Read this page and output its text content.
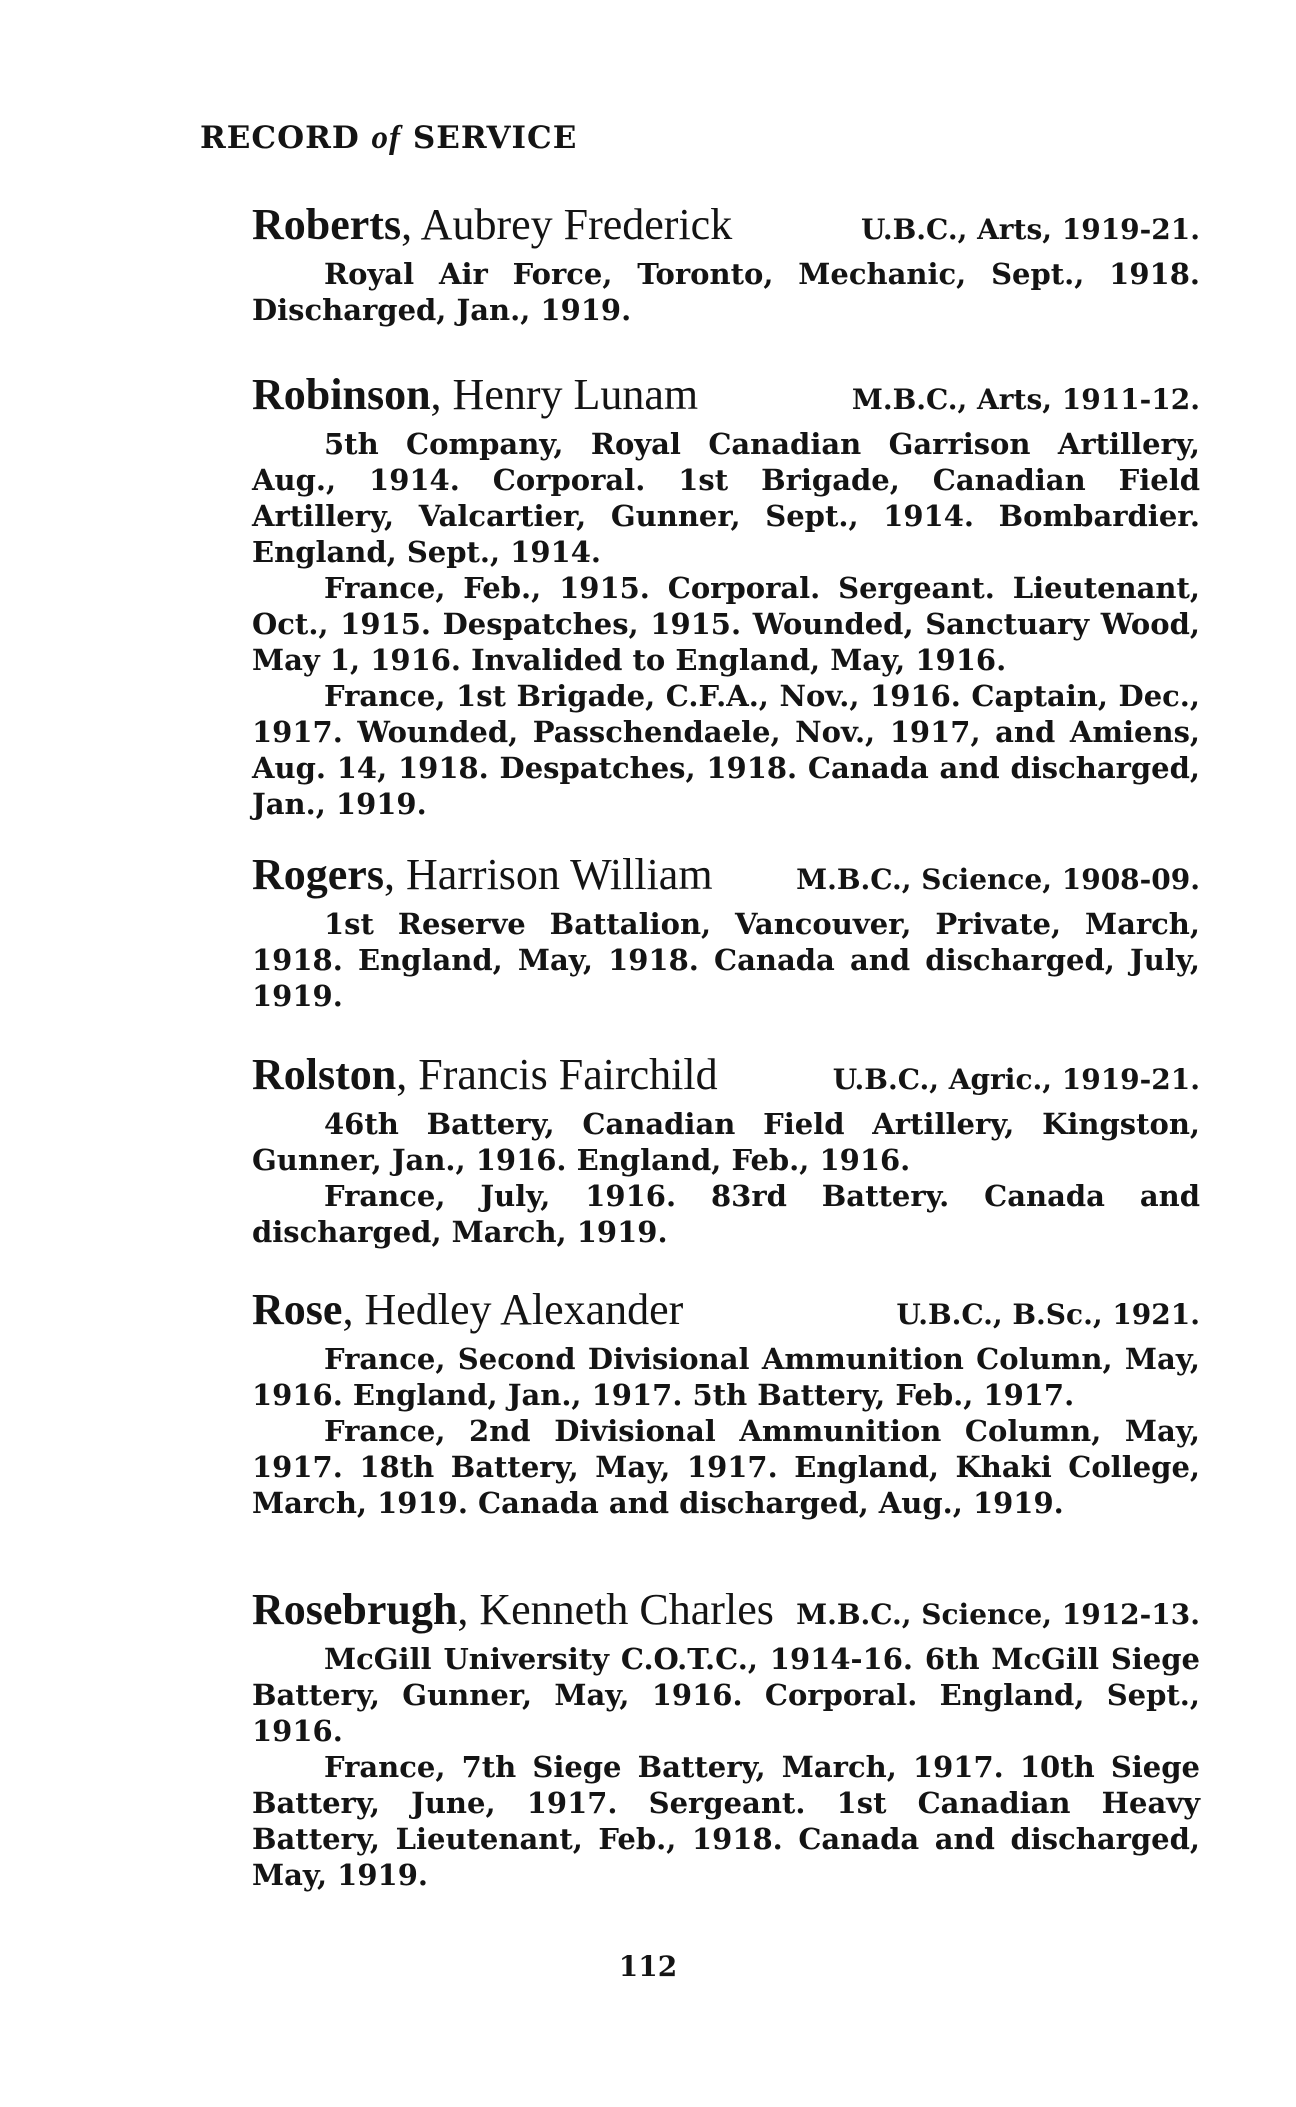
RECORD of SERVICE
Roberts, Aubrey Frederick	U.B.C., Arts, 1919-21.

Royal Air Force, Toronto, Mechanic, Sept., 1918. Discharged, Jan., 1919.

Robinson, Henry Lunam	M.B.C., Arts, 1911-12.

5th Company, Royal Canadian Garrison Artillery, Aug., 1914. Corporal. 1st Brigade, Canadian Field Artillery, Valcartier, Gunner, Sept., 1914. Bombardier. England, Sept., 1914.

France, Feb., 1915. Corporal. Sergeant. Lieutenant, Oct., 1915. Despatches, 1915. Wounded, Sanctuary Wood, May 1, 1916. Invalided to England, May, 1916.

France, 1st Brigade, C.F.A., Nov., 1916. Captain, Dec., 1917. Wounded, Passchendaele, Nov., 1917, and Amiens, Aug. 14, 1918. Despatches, 1918. Canada and discharged, Jan., 1919.

Rogers, Harrison William	M.B.C., Science, 1908-09.

1st Reserve Battalion, Vancouver, Private, March, 1918. England, May, 1918. Canada and discharged, July, 1919.

Rolston, Francis Fairchild	U.B.C., Agric., 1919-21.

46th Battery, Canadian Field Artillery, Kingston, Gunner, Jan., 1916. England, Feb., 1916.

France, July, 1916. 83rd Battery. Canada and discharged, March, 1919.

Rose, Hedley Alexander	U.B.C., B.Sc., 1921.

France, Second Divisional Ammunition Column, May, 1916. England, Jan., 1917. 5th Battery, Feb., 1917.

France, 2nd Divisional Ammunition Column, May, 1917. 18th Battery, May, 1917. England, Khaki College, March, 1919. Canada and discharged, Aug., 1919.

Rosebrugh, Kenneth Charles M.B.C., Science, 1912-13.

McGill University C.O.T.C., 1914-16. 6th McGill Siege Battery, Gunner, May, 1916. Corporal. England, Sept., 1916.

France, 7th Siege Battery, March, 1917. 10th Siege Battery, June, 1917. Sergeant. 1st Canadian Heavy Battery, Lieutenant, Feb., 1918. Canada and discharged, May, 1919.

112
